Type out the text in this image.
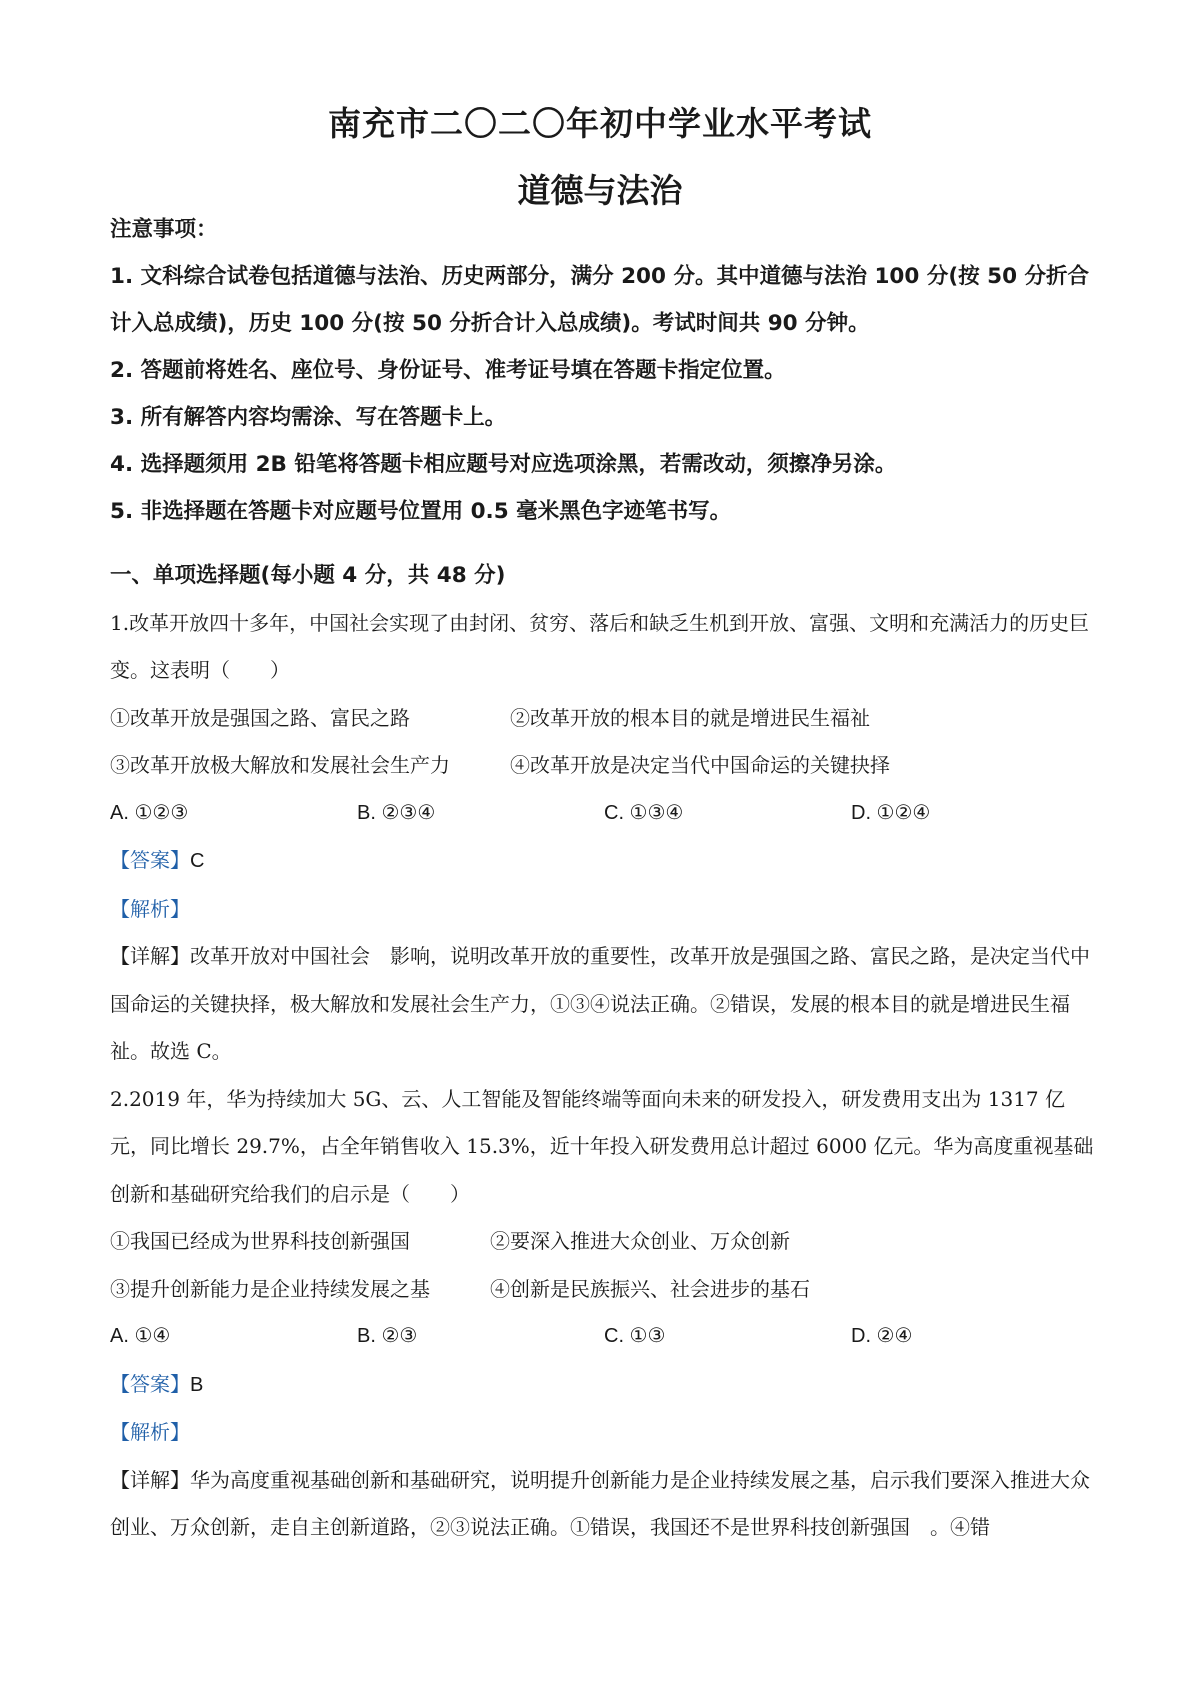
南充市二〇二〇年初中学业水平考试
道德与法治

注意事项：

1. 文科综合试卷包括道德与法治、历史两部分，满分 200 分。其中道德与法治 100 分(按 50 分折合计入总成绩)，历史 100 分(按 50 分折合计入总成绩)。考试时间共 90 分钟。

2. 答题前将姓名、座位号、身份证号、准考证号填在答题卡指定位置。

3. 所有解答内容均需涂、写在答题卡上。

4. 选择题须用 2B 铅笔将答题卡相应题号对应选项涂黑，若需改动，须擦净另涂。

5. 非选择题在答题卡对应题号位置用 0.5 毫米黑色字迹笔书写。

一、单项选择题(每小题 4 分，共 48 分)

1.改革开放四十多年，中国社会实现了由封闭、贫穷、落后和缺乏生机到开放、富强、文明和充满活力的历史巨变。这表明（　　）

①改革开放是强国之路、富民之路	②改革开放的根本目的就是增进民生福祉
③改革开放极大解放和发展社会生产力	④改革开放是决定当代中国命运的关键抉择
A. ①②③	B. ②③④	C. ①③④	D. ①②④

【答案】C

【解析】

【详解】改革开放对中国社会　影响，说明改革开放的重要性，改革开放是强国之路、富民之路，是决定当代中国命运的关键抉择，极大解放和发展社会生产力，①③④说法正确。②错误，发展的根本目的就是增进民生福祉。故选 C。

2.2019 年，华为持续加大 5G、云、人工智能及智能终端等面向未来的研发投入，研发费用支出为 1317 亿元，同比增长 29.7%，占全年销售收入 15.3%，近十年投入研发费用总计超过 6000 亿元。华为高度重视基础创新和基础研究给我们的启示是（　　）

①我国已经成为世界科技创新强国	②要深入推进大众创业、万众创新
③提升创新能力是企业持续发展之基	④创新是民族振兴、社会进步的基石
A. ①④	B. ②③	C. ①③	D. ②④

【答案】B

【解析】

【详解】华为高度重视基础创新和基础研究，说明提升创新能力是企业持续发展之基，启示我们要深入推进大众创业、万众创新，走自主创新道路，②③说法正确。①错误，我国还不是世界科技创新强国　。④错
